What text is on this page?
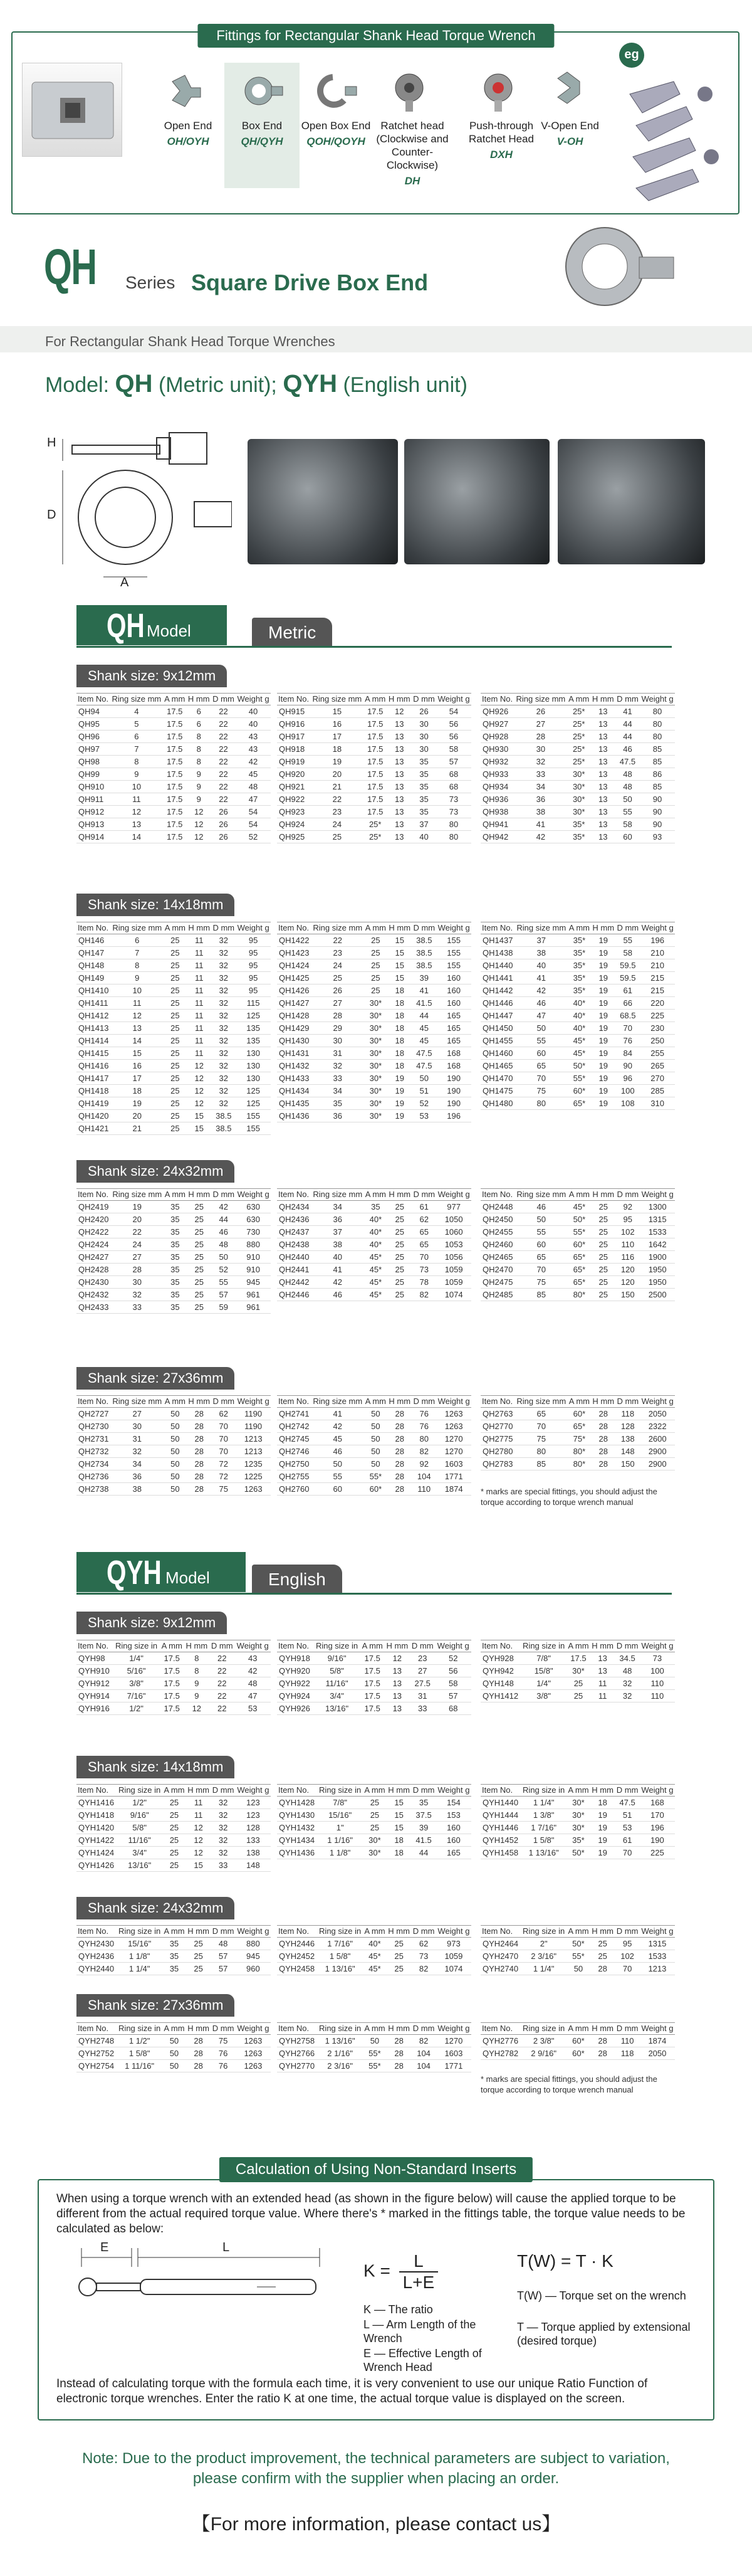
Fittings for Rectangular Shank Head Torque Wrench
eg
Open End
OH/OYH
Box End
QH/QYH
Open Box End
QOH/QOYH
Ratchet head (Clockwise and Counter-Clockwise)
DH
Push-through Ratchet Head
DXH
V-Open End
V-OH
QH Series Square Drive Box End
For Rectangular Shank Head Torque Wrenches
Model: QH (Metric unit); QYH (English unit)
H
D
A
QH Model	Metric
Shank size: 9x12mm
Item No.	Ring size mm	A mm	H mm	D mm	Weight g
QH94	4	17.5	6	22	40
QH95	5	17.5	6	22	40
QH96	6	17.5	8	22	43
QH97	7	17.5	8	22	43
QH98	8	17.5	8	22	42
QH99	9	17.5	9	22	45
QH910	10	17.5	9	22	48
QH911	11	17.5	9	22	47
QH912	12	17.5	12	26	54
QH913	13	17.5	12	26	54
QH914	14	17.5	12	26	52
Item No.	Ring size mm	A mm	H mm	D mm	Weight g
QH915	15	17.5	12	26	54
QH916	16	17.5	13	30	56
QH917	17	17.5	13	30	56
QH918	18	17.5	13	30	58
QH919	19	17.5	13	35	57
QH920	20	17.5	13	35	68
QH921	21	17.5	13	35	68
QH922	22	17.5	13	35	73
QH923	23	17.5	13	35	73
QH924	24	25*	13	37	80
QH925	25	25*	13	40	80
Item No.	Ring size mm	A mm	H mm	D mm	Weight g
QH926	26	25*	13	41	80
QH927	27	25*	13	44	80
QH928	28	25*	13	44	80
QH930	30	25*	13	46	85
QH932	32	25*	13	47.5	85
QH933	33	30*	13	48	86
QH934	34	30*	13	48	85
QH936	36	30*	13	50	90
QH938	38	30*	13	55	90
QH941	41	35*	13	58	90
QH942	42	35*	13	60	93
Shank size: 14x18mm
Item No.	Ring size mm	A mm	H mm	D mm	Weight g
QH146	6	25	11	32	95
QH147	7	25	11	32	95
QH148	8	25	11	32	95
QH149	9	25	11	32	95
QH1410	10	25	11	32	95
QH1411	11	25	11	32	115
QH1412	12	25	11	32	125
QH1413	13	25	11	32	135
QH1414	14	25	11	32	135
QH1415	15	25	11	32	130
QH1416	16	25	12	32	130
QH1417	17	25	12	32	130
QH1418	18	25	12	32	125
QH1419	19	25	12	32	125
QH1420	20	25	15	38.5	155
QH1421	21	25	15	38.5	155
Item No.	Ring size mm	A mm	H mm	D mm	Weight g
QH1422	22	25	15	38.5	155
QH1423	23	25	15	38.5	155
QH1424	24	25	15	38.5	155
QH1425	25	25	15	39	160
QH1426	26	25	18	41	160
QH1427	27	30*	18	41.5	160
QH1428	28	30*	18	44	165
QH1429	29	30*	18	45	165
QH1430	30	30*	18	45	165
QH1431	31	30*	18	47.5	168
QH1432	32	30*	18	47.5	168
QH1433	33	30*	19	50	190
QH1434	34	30*	19	51	190
QH1435	35	30*	19	52	190
QH1436	36	30*	19	53	196
Item No.	Ring size mm	A mm	H mm	D mm	Weight g
QH1437	37	35*	19	55	196
QH1438	38	35*	19	58	210
QH1440	40	35*	19	59.5	210
QH1441	41	35*	19	59.5	215
QH1442	42	35*	19	61	215
QH1446	46	40*	19	66	220
QH1447	47	40*	19	68.5	225
QH1450	50	40*	19	70	230
QH1455	55	45*	19	76	250
QH1460	60	45*	19	84	255
QH1465	65	50*	19	90	265
QH1470	70	55*	19	96	270
QH1475	75	60*	19	100	285
QH1480	80	65*	19	108	310
Shank size: 24x32mm
Item No.	Ring size mm	A mm	H mm	D mm	Weight g
QH2419	19	35	25	42	630
QH2420	20	35	25	44	630
QH2422	22	35	25	46	730
QH2424	24	35	25	48	880
QH2427	27	35	25	50	910
QH2428	28	35	25	52	910
QH2430	30	35	25	55	945
QH2432	32	35	25	57	961
QH2433	33	35	25	59	961
Item No.	Ring size mm	A mm	H mm	D mm	Weight g
QH2434	34	35	25	61	977
QH2436	36	40*	25	62	1050
QH2437	37	40*	25	65	1060
QH2438	38	40*	25	65	1053
QH2440	40	45*	25	70	1056
QH2441	41	45*	25	73	1059
QH2442	42	45*	25	78	1059
QH2446	46	45*	25	82	1074
Item No.	Ring size mm	A mm	H mm	D mm	Weight g
QH2448	46	45*	25	92	1300
QH2450	50	50*	25	95	1315
QH2455	55	55*	25	102	1533
QH2460	60	60*	25	110	1642
QH2465	65	65*	25	116	1900
QH2470	70	65*	25	120	1950
QH2475	75	65*	25	120	1950
QH2485	85	80*	25	150	2500
Shank size: 27x36mm
Item No.	Ring size mm	A mm	H mm	D mm	Weight g
QH2727	27	50	28	62	1190
QH2730	30	50	28	70	1190
QH2731	31	50	28	70	1213
QH2732	32	50	28	70	1213
QH2734	34	50	28	72	1235
QH2736	36	50	28	72	1225
QH2738	38	50	28	75	1263
Item No.	Ring size mm	A mm	H mm	D mm	Weight g
QH2741	41	50	28	76	1263
QH2742	42	50	28	76	1263
QH2745	45	50	28	80	1270
QH2746	46	50	28	82	1270
QH2750	50	50	28	92	1603
QH2755	55	55*	28	104	1771
QH2760	60	60*	28	110	1874
Item No.	Ring size mm	A mm	H mm	D mm	Weight g
QH2763	65	60*	28	118	2050
QH2770	70	65*	28	128	2322
QH2775	75	75*	28	138	2600
QH2780	80	80*	28	148	2900
QH2783	85	80*	28	150	2900
* marks are special fittings, you should adjust the torque according to torque wrench manual
QYH Model	English
Shank size: 9x12mm
Item No.	Ring size in	A mm	H mm	D mm	Weight g
QYH98	1/4"	17.5	8	22	43
QYH910	5/16"	17.5	8	22	42
QYH912	3/8"	17.5	9	22	48
QYH914	7/16"	17.5	9	22	47
QYH916	1/2"	17.5	12	22	53
Item No.	Ring size in	A mm	H mm	D mm	Weight g
QYH918	9/16"	17.5	12	23	52
QYH920	5/8"	17.5	13	27	56
QYH922	11/16"	17.5	13	27.5	58
QYH924	3/4"	17.5	13	31	57
QYH926	13/16"	17.5	13	33	68
Item No.	Ring size in	A mm	H mm	D mm	Weight g
QYH928	7/8"	17.5	13	34.5	73
QYH942	15/8"	30*	13	48	100
QYH148	1/4"	25	11	32	110
QYH1412	3/8"	25	11	32	110
Shank size: 14x18mm
Item No.	Ring size in	A mm	H mm	D mm	Weight g
QYH1416	1/2"	25	11	32	123
QYH1418	9/16"	25	11	32	123
QYH1420	5/8"	25	12	32	128
QYH1422	11/16"	25	12	32	133
QYH1424	3/4"	25	12	32	138
QYH1426	13/16"	25	15	33	148
Item No.	Ring size in	A mm	H mm	D mm	Weight g
QYH1428	7/8"	25	15	35	154
QYH1430	15/16"	25	15	37.5	153
QYH1432	1"	25	15	39	160
QYH1434	1 1/16"	30*	18	41.5	160
QYH1436	1 1/8"	30*	18	44	165
Item No.	Ring size in	A mm	H mm	D mm	Weight g
QYH1440	1 1/4"	30*	18	47.5	168
QYH1444	1 3/8"	30*	19	51	170
QYH1446	1 7/16"	30*	19	53	196
QYH1452	1 5/8"	35*	19	61	190
QYH1458	1 13/16"	50*	19	70	225
Shank size: 24x32mm
Item No.	Ring size in	A mm	H mm	D mm	Weight g
QYH2430	15/16"	35	25	48	880
QYH2436	1 1/8"	35	25	57	945
QYH2440	1 1/4"	35	25	57	960
Item No.	Ring size in	A mm	H mm	D mm	Weight g
QYH2446	1 7/16"	40*	25	62	973
QYH2452	1 5/8"	45*	25	73	1059
QYH2458	1 13/16"	45*	25	82	1074
Item No.	Ring size in	A mm	H mm	D mm	Weight g
QYH2464	2"	50*	25	95	1315
QYH2470	2 3/16"	55*	25	102	1533
QYH2740	1 1/4"	50	28	70	1213
Shank size: 27x36mm
Item No.	Ring size in	A mm	H mm	D mm	Weight g
QYH2748	1 1/2"	50	28	75	1263
QYH2752	1 5/8"	50	28	76	1263
QYH2754	1 11/16"	50	28	76	1263
Item No.	Ring size in	A mm	H mm	D mm	Weight g
QYH2758	1 13/16"	50	28	82	1270
QYH2766	2 1/16"	55*	28	104	1603
QYH2770	2 3/16"	55*	28	104	1771
Item No.	Ring size in	A mm	H mm	D mm	Weight g
QYH2776	2 3/8"	60*	28	110	1874
QYH2782	2 9/16"	60*	28	118	2050
* marks are special fittings, you should adjust the torque according to torque wrench manual
Calculation of Using Non-Standard Inserts
When using a torque wrench with an extended head (as shown in the figure below) will cause the applied torque to be different from the actual required torque value. Where there's * marked in the fittings table, the torque value needs to be calculated as below:
E	L
$K = \frac{L}{L+E}$	T(W) = T · K
K — The ratio
L — Arm Length of the Wrench
E — Effective Length of Wrench Head
T(W) — Torque set on the wrench
T — Torque applied by extensional (desired torque)
Instead of calculating torque with the formula each time, it is very convenient to use our unique Ratio Function of electronic torque wrenches. Enter the ratio K at one time, the actual torque value is displayed on the screen.
Note: Due to the product improvement, the technical parameters are subject to variation, please confirm with the supplier when placing an order.
【For more information, please contact us】
